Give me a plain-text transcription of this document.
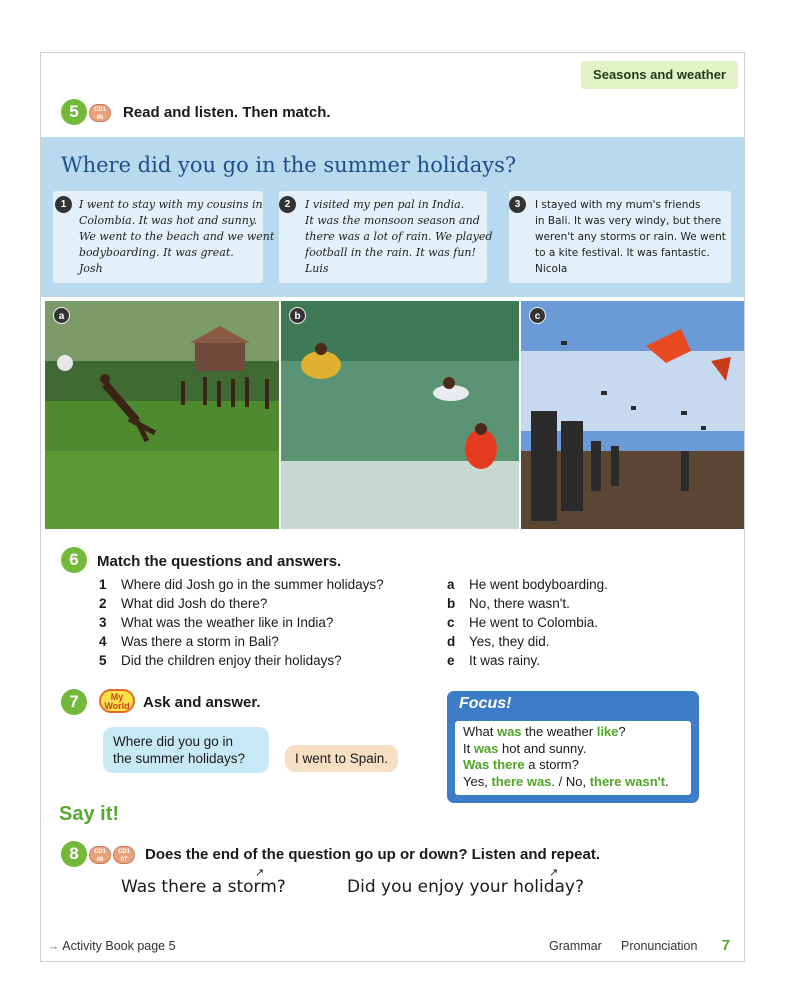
Seasons and weather
5	CD1 05	Read and listen. Then match.
Where did you go in the summer holidays?
1	I went to stay with my cousins in
Colombia. It was hot and sunny.
We went to the beach and we went
bodyboarding. It was great.
Josh
2	I visited my pen pal in India.
It was the monsoon season and
there was a lot of rain. We played
football in the rain. It was fun!
Luis
3	I stayed with my mum's friends
in Bali. It was very windy, but there
weren't any storms or rain. We went
to a kite festival. It was fantastic.
Nicola
a	b	c
6	Match the questions and answers.
1 Where did Josh go in the summer holidays?
2 What did Josh do there?
3 What was the weather like in India?
4 Was there a storm in Bali?
5 Did the children enjoy their holidays?
a He went bodyboarding.
b No, there wasn't.
c He went to Colombia.
d Yes, they did.
e It was rainy.
7	My
World Ask and answer.
Where did you go in
the summer holidays?	I went to Spain.
Focus!
What was the weather like?
It was hot and sunny.
Was there a storm?
Yes, there was. / No, there wasn't.
Say it!
8	CD1 06
CD1 07	Does the end of the question go up or down? Listen and repeat.
↗
Was there a storm?
↗
Did you enjoy your holiday?
→ Activity Book page 5	Grammar Pronunciation 7
